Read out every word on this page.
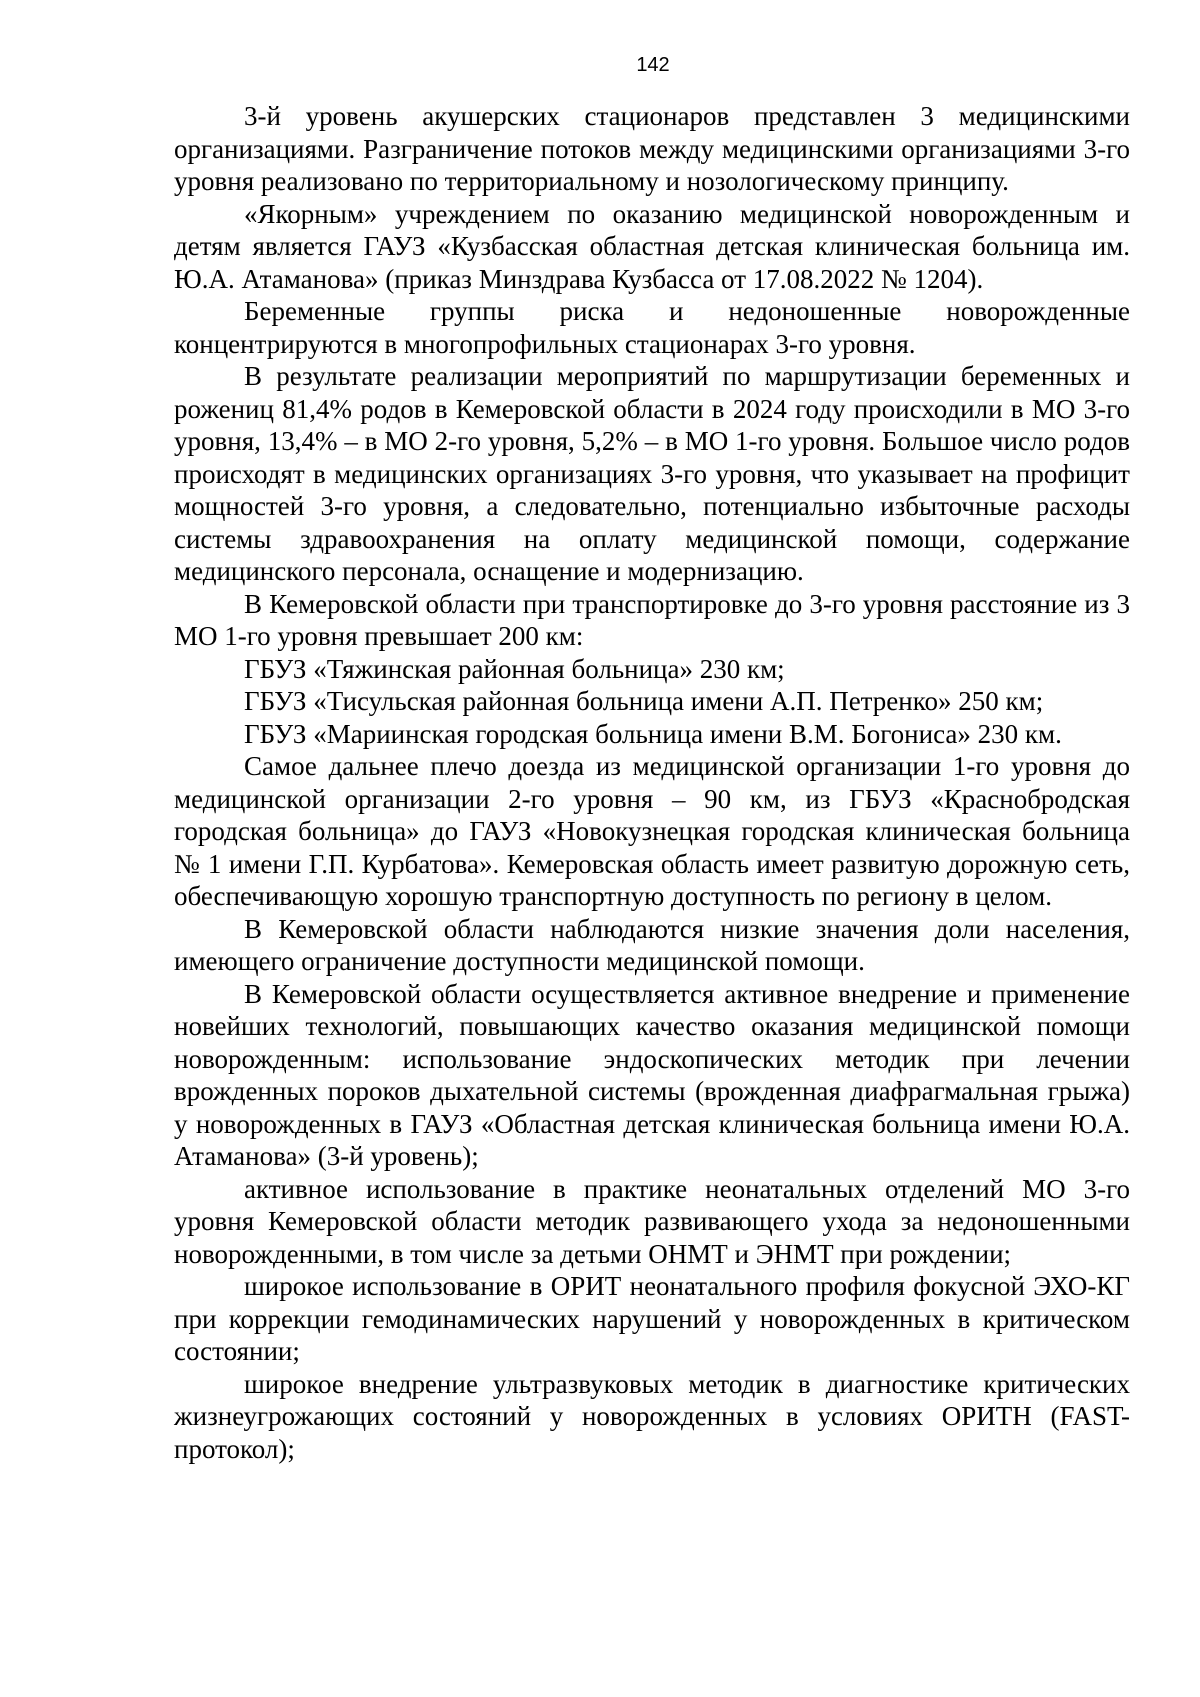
142

3-й уровень акушерских стационаров представлен 3 медицинскими организациями. Разграничение потоков между медицинскими организациями 3-го уровня реализовано по территориальному и нозологическому принципу.

«Якорным» учреждением по оказанию медицинской новорожденным и детям является ГАУЗ «Кузбасская областная детская клиническая больница им. Ю.А. Атаманова» (приказ Минздрава Кузбасса от 17.08.2022 № 1204).

Беременные группы риска и недоношенные новорожденные концентрируются в многопрофильных стационарах 3-го уровня.

В результате реализации мероприятий по маршрутизации беременных и рожениц 81,4% родов в Кемеровской области в 2024 году происходили в МО 3-го уровня, 13,4% – в МО 2-го уровня, 5,2% – в МО 1-го уровня. Большое число родов происходят в медицинских организациях 3-го уровня, что указывает на профицит мощностей 3-го уровня, а следовательно, потенциально избыточные расходы системы здравоохранения на оплату медицинской помощи, содержание медицинского персонала, оснащение и модернизацию.

В Кемеровской области при транспортировке до 3-го уровня расстояние из 3 МО 1-го уровня превышает 200 км:

ГБУЗ «Тяжинская районная больница» 230 км;

ГБУЗ «Тисульская районная больница имени А.П. Петренко» 250 км;

ГБУЗ «Мариинская городская больница имени В.М. Богониса» 230 км.

Самое дальнее плечо доезда из медицинской организации 1-го уровня до медицинской организации 2-го уровня – 90 км, из ГБУЗ «Краснобродская городская больница» до ГАУЗ «Новокузнецкая городская клиническая больница № 1 имени Г.П. Курбатова». Кемеровская область имеет развитую дорожную сеть, обеспечивающую хорошую транспортную доступность по региону в целом.

В Кемеровской области наблюдаются низкие значения доли населения, имеющего ограничение доступности медицинской помощи.

В Кемеровской области осуществляется активное внедрение и применение новейших технологий, повышающих качество оказания медицинской помощи новорожденным: использование эндоскопических методик при лечении врожденных пороков дыхательной системы (врожденная диафрагмальная грыжа) у новорожденных в ГАУЗ «Областная детская клиническая больница имени Ю.А. Атаманова» (3-й уровень);

активное использование в практике неонатальных отделений МО 3-го уровня Кемеровской области методик развивающего ухода за недоношенными новорожденными, в том числе за детьми ОНМТ и ЭНМТ при рождении;

широкое использование в ОРИТ неонатального профиля фокусной ЭХО-КГ при коррекции гемодинамических нарушений у новорожденных в критическом состоянии;

широкое внедрение ультразвуковых методик в диагностике критических жизнеугрожающих состояний у новорожденных в условиях ОРИТН (FAST-протокол);
